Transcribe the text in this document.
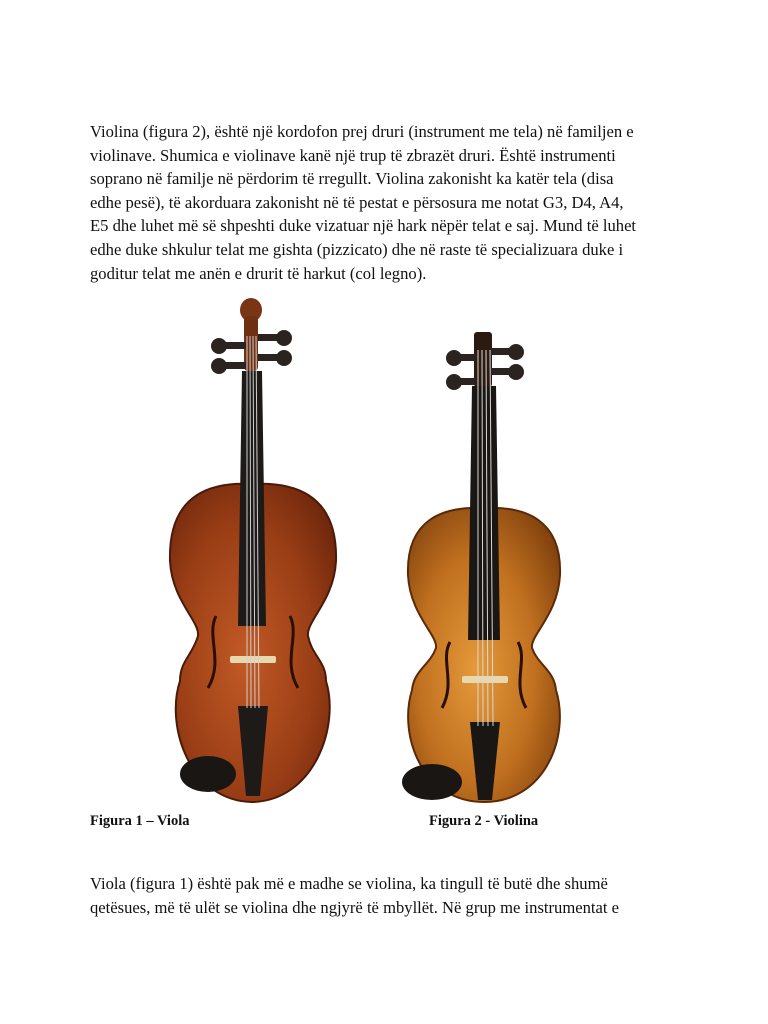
Violina (figura 2), është një kordofon prej druri (instrument me tela) në familjen e
violinave. Shumica e violinave kanë një trup të zbrazët druri. Është instrumenti
soprano në familje në përdorim të rregullt. Violina zakonisht ka katër tela (disa
edhe pesë), të akorduara zakonisht në të pestat e përsosura me notat G3, D4, A4,
E5 dhe luhet më së shpeshti duke vizatuar një hark nëpër telat e saj. Mund të luhet
edhe duke shkulur telat me gishta (pizzicato) dhe në raste të specializuara duke i
goditur telat me anën e drurit të harkut (col legno).

Figura 1 – Viola	Figura 2 - Violina

Viola (figura 1) është pak më e madhe se violina, ka tingull të butë dhe shumë
qetësues, më të ulët se violina dhe ngjyrë të mbyllët. Në grup me instrumentat e
